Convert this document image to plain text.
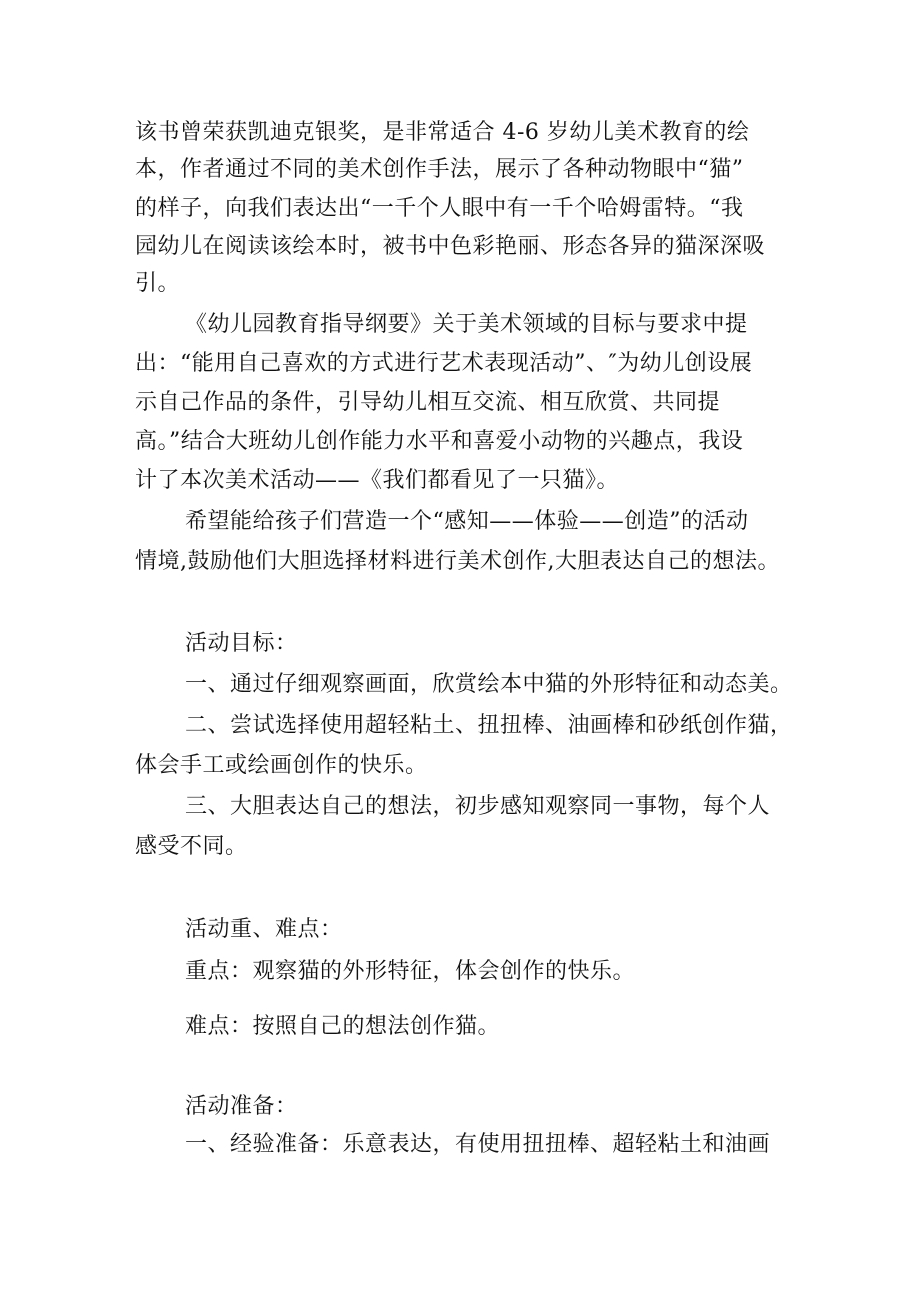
该书曾荣获凯迪克银奖，是非常适合 4-6 岁幼儿美术教育的绘
本，作者通过不同的美术创作手法，展示了各种动物眼中“猫”
的样子，向我们表达出“一千个人眼中有一千个哈姆雷特。“我
园幼儿在阅读该绘本时，被书中色彩艳丽、形态各异的猫深深吸
引。
《幼儿园教育指导纲要》关于美术领域的目标与要求中提
出：“能用自己喜欢的方式进行艺术表现活动”、″为幼儿创设展
示自己作品的条件，引导幼儿相互交流、相互欣赏、共同提
高。”结合大班幼儿创作能力水平和喜爱小动物的兴趣点，我设
计了本次美术活动——《我们都看见了一只猫》。
希望能给孩子们营造一个“感知——体验——创造”的活动
情境,鼓励他们大胆选择材料进行美术创作,大胆表达自己的想法。
活动目标：
一、通过仔细观察画面，欣赏绘本中猫的外形特征和动态美。
二、尝试选择使用超轻粘土、扭扭棒、油画棒和砂纸创作猫，
体会手工或绘画创作的快乐。
三、大胆表达自己的想法，初步感知观察同一事物，每个人
感受不同。
活动重、难点：
重点：观察猫的外形特征，体会创作的快乐。
难点：按照自己的想法创作猫。
活动准备：
一、经验准备：乐意表达，有使用扭扭棒、超轻粘土和油画
